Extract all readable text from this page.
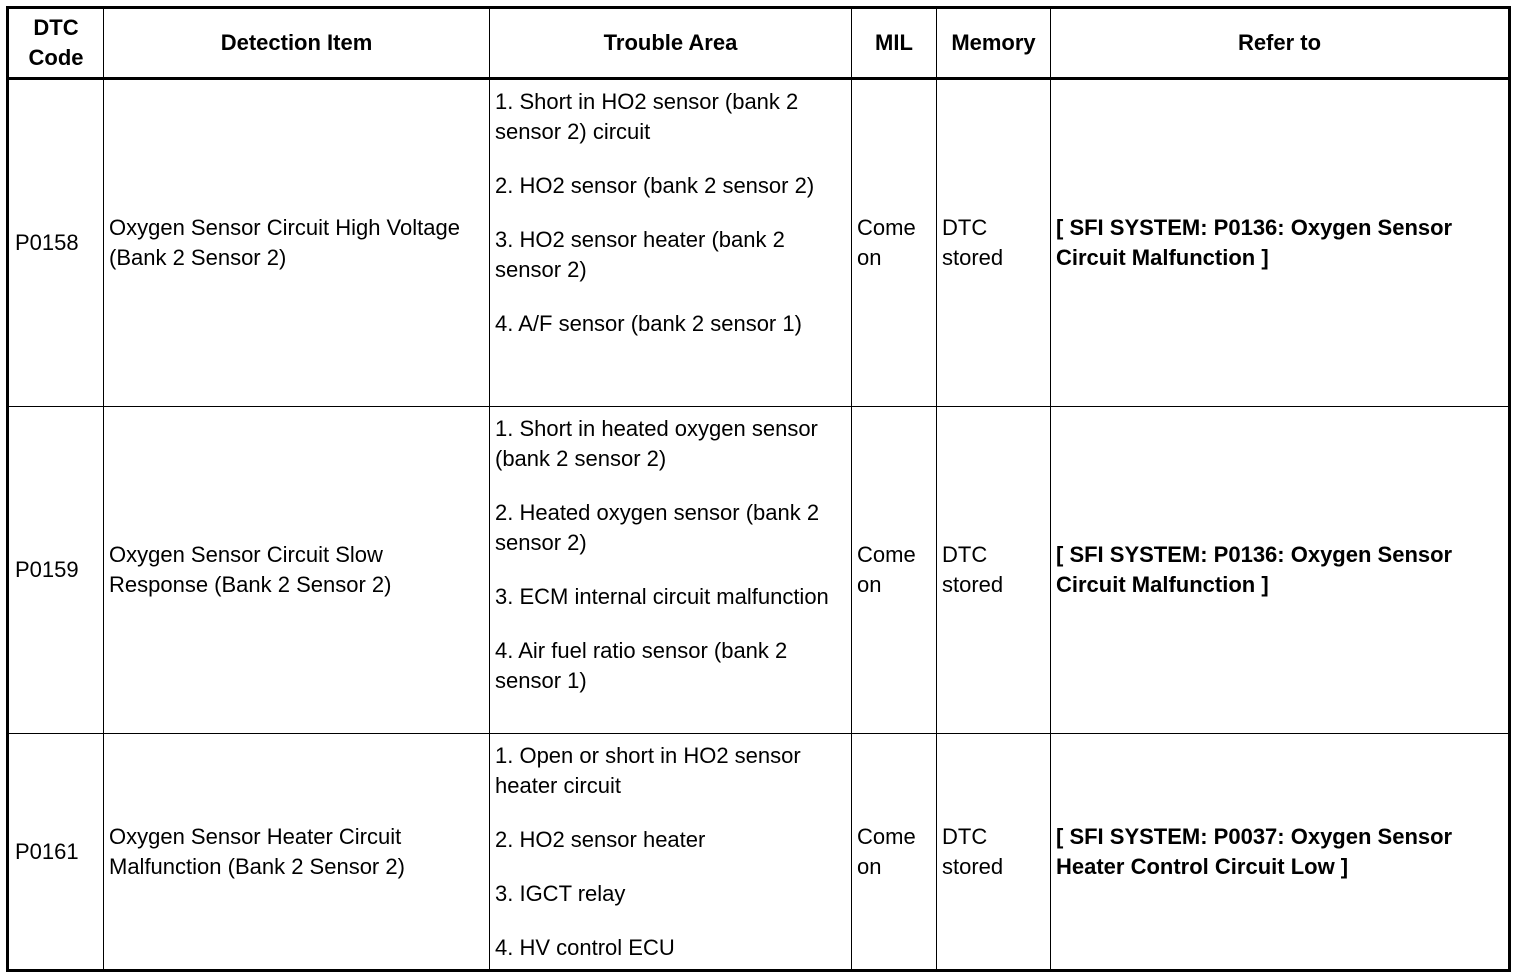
DTC Code	Detection Item	Trouble Area	MIL	Memory	Refer to
P0158	Oxygen Sensor Circuit High Voltage (Bank 2 Sensor 2)	1. Short in HO2 sensor (bank 2 sensor 2) circuit
2. HO2 sensor (bank 2 sensor 2)
3. HO2 sensor heater (bank 2 sensor 2)
4. A/F sensor (bank 2 sensor 1)	Come on	DTC stored	[ SFI SYSTEM: P0136: Oxygen Sensor Circuit Malfunction ]
P0159	Oxygen Sensor Circuit Slow Response (Bank 2 Sensor 2)	1. Short in heated oxygen sensor (bank 2 sensor 2)
2. Heated oxygen sensor (bank 2 sensor 2)
3. ECM internal circuit malfunction
4. Air fuel ratio sensor (bank 2 sensor 1)	Come on	DTC stored	[ SFI SYSTEM: P0136: Oxygen Sensor Circuit Malfunction ]
P0161	Oxygen Sensor Heater Circuit Malfunction (Bank 2 Sensor 2)	1. Open or short in HO2 sensor heater circuit
2. HO2 sensor heater
3. IGCT relay
4. HV control ECU	Come on	DTC stored	[ SFI SYSTEM: P0037: Oxygen Sensor Heater Control Circuit Low ]
